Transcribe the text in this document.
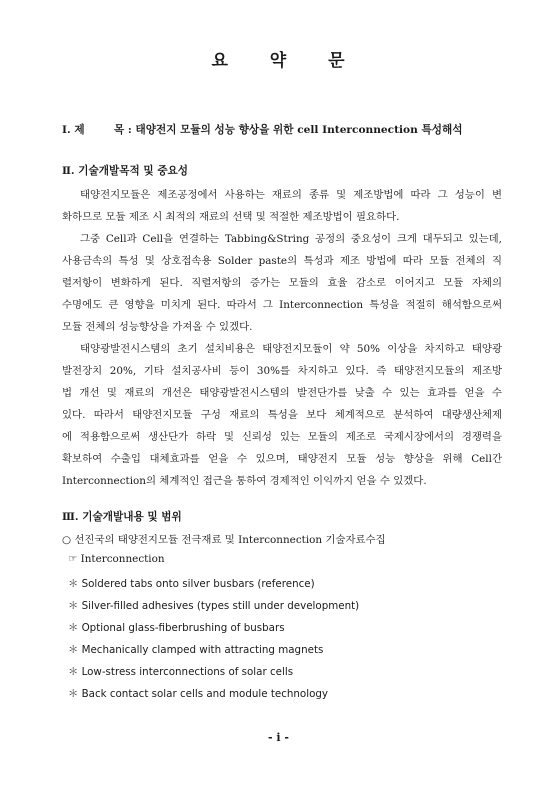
요 약 문
Ⅰ. 제	목 : 태양전지 모듈의 성능 향상을 위한 cell Interconnection 특성해석
Ⅱ. 기술개발목적 및 중요성
태양전지모듈은 제조공정에서 사용하는 재료의 종류 및 제조방법에 따라 그 성능이 변
화하므로 모듈 제조 시 최적의 재료의 선택 및 적절한 제조방법이 필요하다.
그중 Cell과 Cell을 연결하는 Tabbing&String 공정의 중요성이 크게 대두되고 있는데,
사용금속의 특성 및 상호접속용 Solder paste의 특성과 제조 방법에 따라 모듈 전체의 직
렬저항이 변화하게 된다. 직렬저항의 증가는 모듈의 효율 감소로 이어지고 모듈 자체의
수명에도 큰 영향을 미치게 된다. 따라서 그 Interconnection 특성을 적절히 해석함으로써
모듈 전체의 성능향상을 가져올 수 있겠다.
태양광발전시스템의 초기 설치비용은 태양전지모듈이 약 50% 이상을 차지하고 태양광
발전장치 20%, 기타 설치공사비 등이 30%를 차지하고 있다. 즉 태양전지모듈의 제조방
법 개선 및 재료의 개선은 태양광발전시스템의 발전단가를 낮출 수 있는 효과를 얻을 수
있다. 따라서 태양전지모듈 구성 재료의 특성을 보다 체계적으로 분석하여 대량생산체제
에 적용함으로써 생산단가 하락 및 신뢰성 있는 모듈의 제조로 국제시장에서의 경쟁력을
확보하여 수출입 대체효과를 얻을 수 있으며, 태양전지 모듈 성능 향상을 위해 Cell간
Interconnection의 체계적인 접근을 통하여 경제적인 이익까지 얻을 수 있겠다.
Ⅲ. 기술개발내용 및 범위
○ 선진국의 태양전지모듈 전극재료 및 Interconnection 기술자료수집
☞ Interconnection
＊ Soldered tabs onto silver busbars (reference)
＊ Silver-filled adhesives (types still under development)
＊ Optional glass-fiberbrushing of busbars
＊ Mechanically clamped with attracting magnets
＊ Low-stress interconnections of solar cells
＊ Back contact solar cells and module technology
- i -
